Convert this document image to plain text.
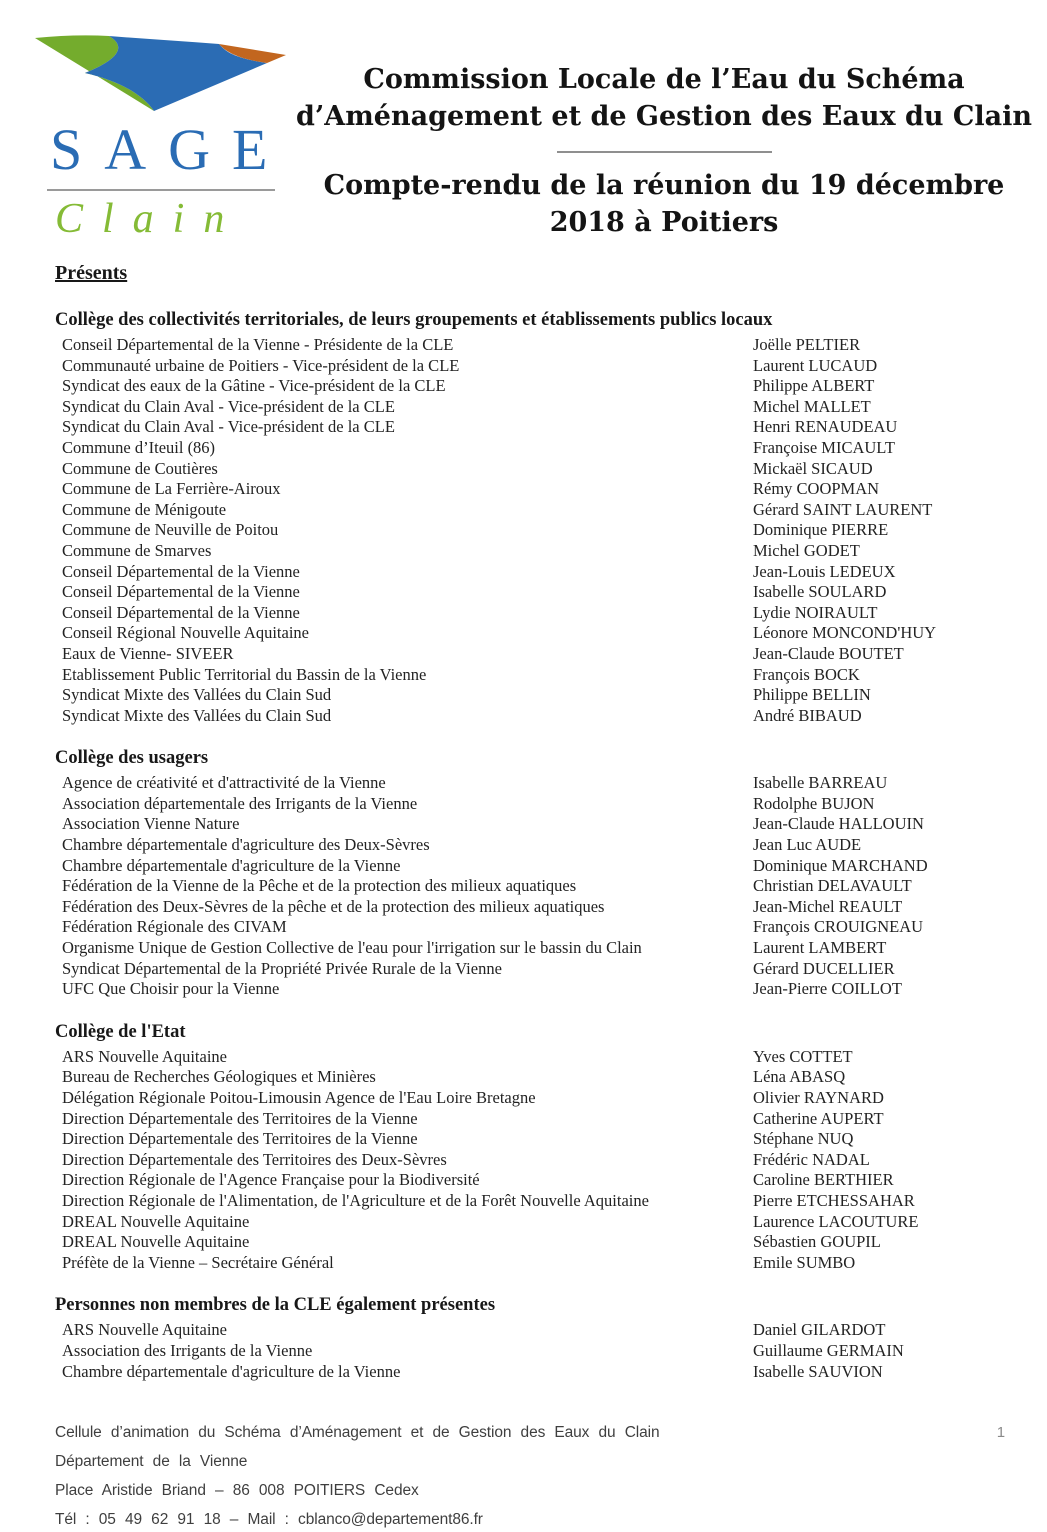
SAGE
Clain
Commission Locale de l’Eau du Schéma
d’Aménagement et de Gestion des Eaux du Clain
Compte-rendu de la réunion du 19 décembre
2018 à Poitiers
Présents
Collège des collectivités territoriales, de leurs groupements et établissements publics locaux
Conseil Départemental de la Vienne - Présidente de la CLE	Joëlle PELTIER
Communauté urbaine de Poitiers - Vice-président de la CLE	Laurent LUCAUD
Syndicat des eaux de la Gâtine - Vice-président de la CLE	Philippe ALBERT
Syndicat du Clain Aval - Vice-président de la CLE	Michel MALLET
Syndicat du Clain Aval - Vice-président de la CLE	Henri RENAUDEAU
Commune d’Iteuil (86)	Françoise MICAULT
Commune de Coutières	Mickaël SICAUD
Commune de La Ferrière-Airoux	Rémy COOPMAN
Commune de Ménigoute	Gérard SAINT LAURENT
Commune de Neuville de Poitou	Dominique PIERRE
Commune de Smarves	Michel GODET
Conseil Départemental de la Vienne	Jean-Louis LEDEUX
Conseil Départemental de la Vienne	Isabelle SOULARD
Conseil Départemental de la Vienne	Lydie NOIRAULT
Conseil Régional Nouvelle Aquitaine	Léonore MONCOND'HUY
Eaux de Vienne- SIVEER	Jean-Claude BOUTET
Etablissement Public Territorial du Bassin de la Vienne	François BOCK
Syndicat Mixte des Vallées du Clain Sud	Philippe BELLIN
Syndicat Mixte des Vallées du Clain Sud	André BIBAUD
Collège des usagers
Agence de créativité et d'attractivité de la Vienne	Isabelle BARREAU
Association départementale des Irrigants de la Vienne	Rodolphe BUJON
Association Vienne Nature	Jean-Claude HALLOUIN
Chambre départementale d'agriculture des Deux-Sèvres	Jean Luc AUDE
Chambre départementale d'agriculture de la Vienne	Dominique MARCHAND
Fédération de la Vienne de la Pêche et de la protection des milieux aquatiques	Christian DELAVAULT
Fédération des Deux-Sèvres de la pêche et de la protection des milieux aquatiques	Jean-Michel REAULT
Fédération Régionale des CIVAM	François CROUIGNEAU
Organisme Unique de Gestion Collective de l'eau pour l'irrigation sur le bassin du Clain	Laurent LAMBERT
Syndicat Départemental de la Propriété Privée Rurale de la Vienne	Gérard DUCELLIER
UFC Que Choisir pour la Vienne	Jean-Pierre COILLOT
Collège de l'Etat
ARS Nouvelle Aquitaine	Yves COTTET
Bureau de Recherches Géologiques et Minières	Léna ABASQ
Délégation Régionale Poitou-Limousin Agence de l'Eau Loire Bretagne	Olivier RAYNARD
Direction Départementale des Territoires de la Vienne	Catherine AUPERT
Direction Départementale des Territoires de la Vienne	Stéphane NUQ
Direction Départementale des Territoires des Deux-Sèvres	Frédéric NADAL
Direction Régionale de l'Agence Française pour la Biodiversité	Caroline BERTHIER
Direction Régionale de l'Alimentation, de l'Agriculture et de la Forêt Nouvelle Aquitaine	Pierre ETCHESSAHAR
DREAL Nouvelle Aquitaine	Laurence LACOUTURE
DREAL Nouvelle Aquitaine	Sébastien GOUPIL
Préfète de la Vienne – Secrétaire Général	Emile SUMBO
Personnes non membres de la CLE également présentes
ARS Nouvelle Aquitaine	Daniel GILARDOT
Association des Irrigants de la Vienne	Guillaume GERMAIN
Chambre départementale d'agriculture de la Vienne	Isabelle SAUVION
Cellule d’animation du Schéma d’Aménagement et de Gestion des Eaux du Clain
Département de la Vienne
Place Aristide Briand – 86 008 POITIERS Cedex
Tél : 05 49 62 91 18 – Mail : cblanco@departement86.fr
1
